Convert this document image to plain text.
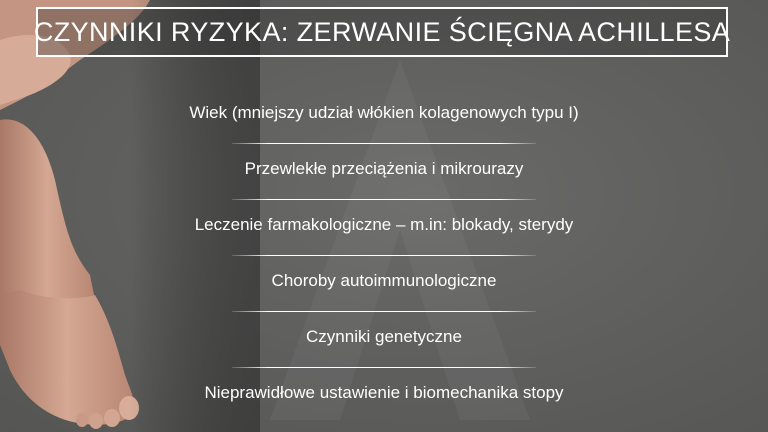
CZYNNIKI RYZYKA: ZERWANIE ŚCIĘGNA ACHILLESA
Wiek (mniejszy udział włókien kolagenowych typu I)
Przewlekłe przeciążenia i mikrourazy
Leczenie farmakologiczne – m.in: blokady, sterydy
Choroby autoimmunologiczne
Czynniki genetyczne
Nieprawidłowe ustawienie i biomechanika stopy
